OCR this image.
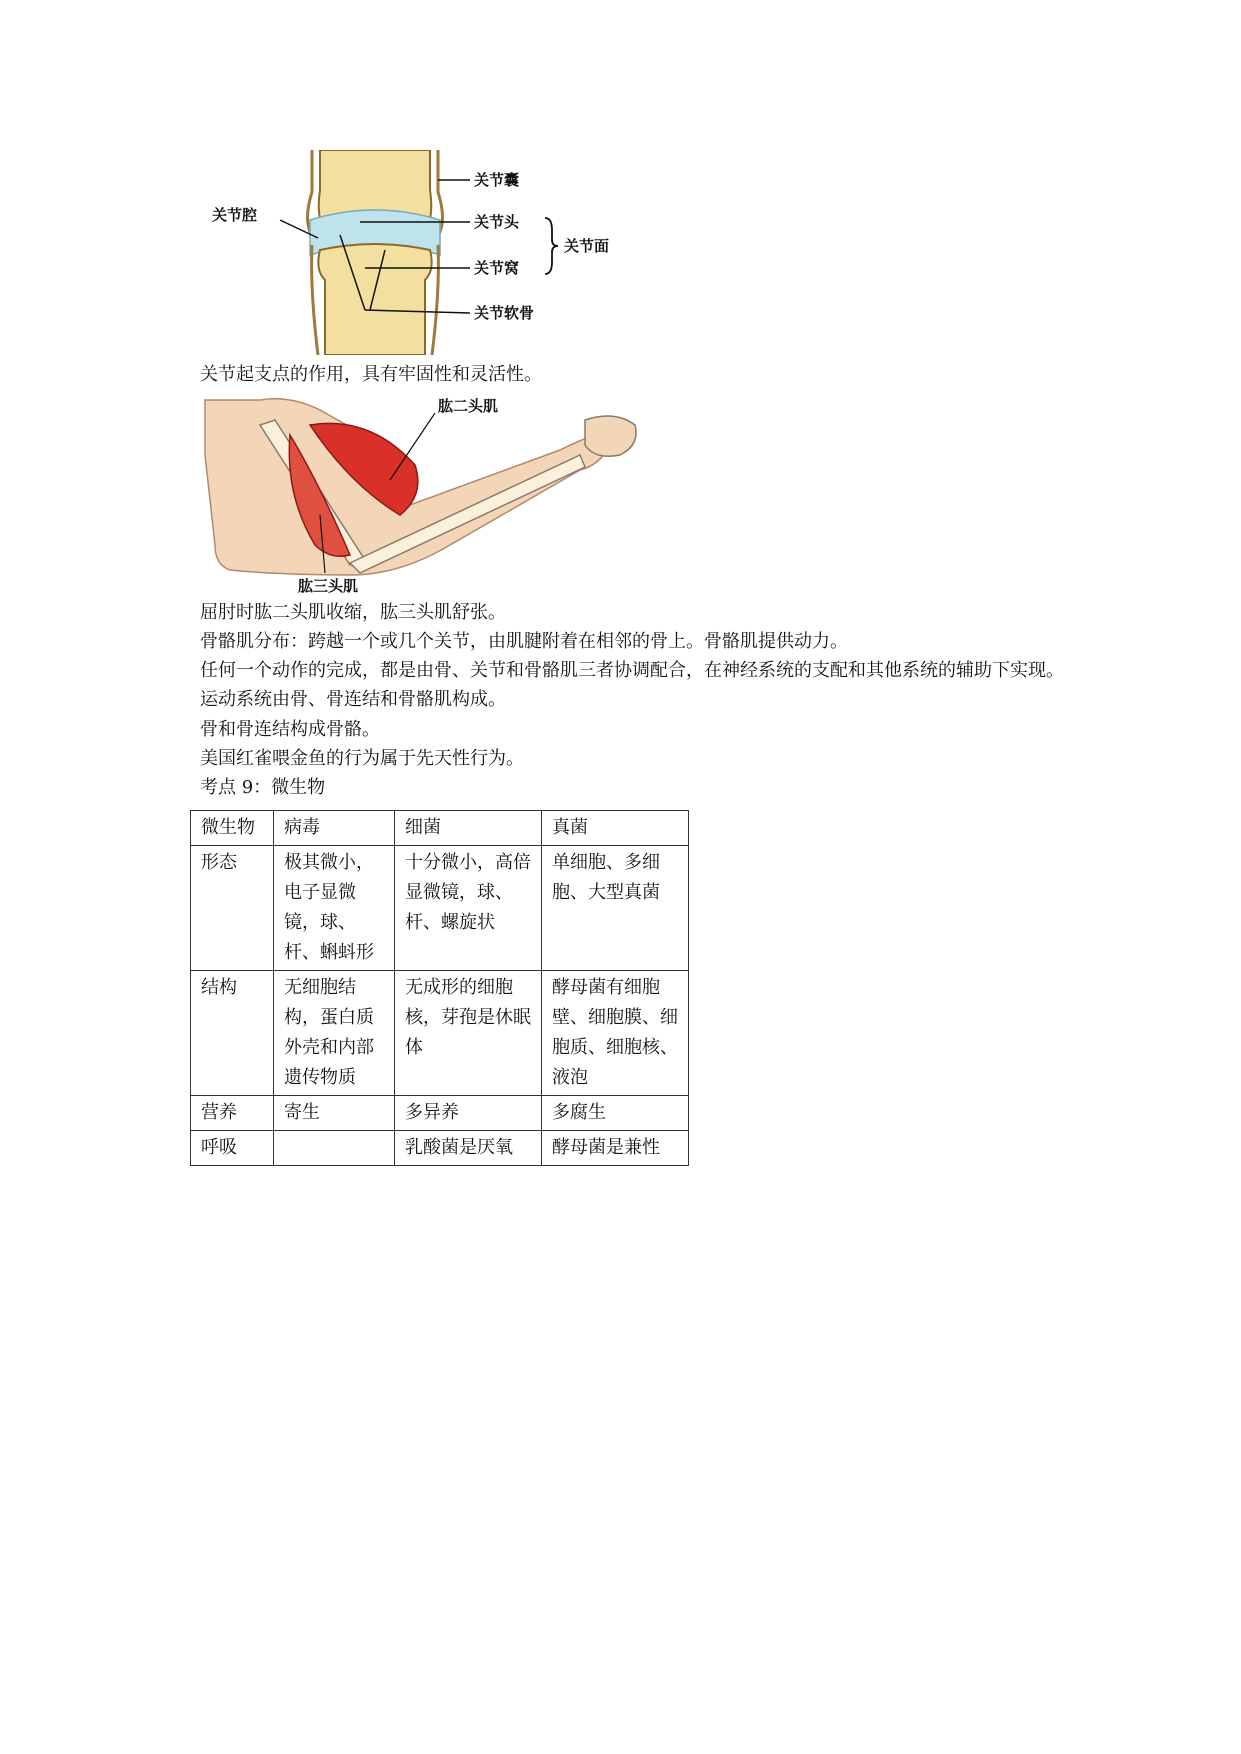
关节囊
关节腔	关节头
关节窝
关节面
关节软骨
关节起支点的作用，具有牢固性和灵活性。
肱二头肌
肱三头肌
屈肘时肱二头肌收缩，肱三头肌舒张。
骨骼肌分布：跨越一个或几个关节，由肌腱附着在相邻的骨上。骨骼肌提供动力。
任何一个动作的完成，都是由骨、关节和骨骼肌三者协调配合，在神经系统的支配和其他系统的辅助下实现。
运动系统由骨、骨连结和骨骼肌构成。
骨和骨连结构成骨骼。
美国红雀喂金鱼的行为属于先天性行为。
考点 9：微生物
微生物	病毒	细菌	真菌
形态	极其微小，电子显微镜，球、杆、蝌蚪形	十分微小，高倍显微镜，球、杆、螺旋状	单细胞、多细胞、大型真菌
结构	无细胞结构，蛋白质外壳和内部遗传物质	无成形的细胞核，芽孢是休眠体	酵母菌有细胞壁、细胞膜、细胞质、细胞核、液泡
营养	寄生	多异养	多腐生
呼吸		乳酸菌是厌氧	酵母菌是兼性
